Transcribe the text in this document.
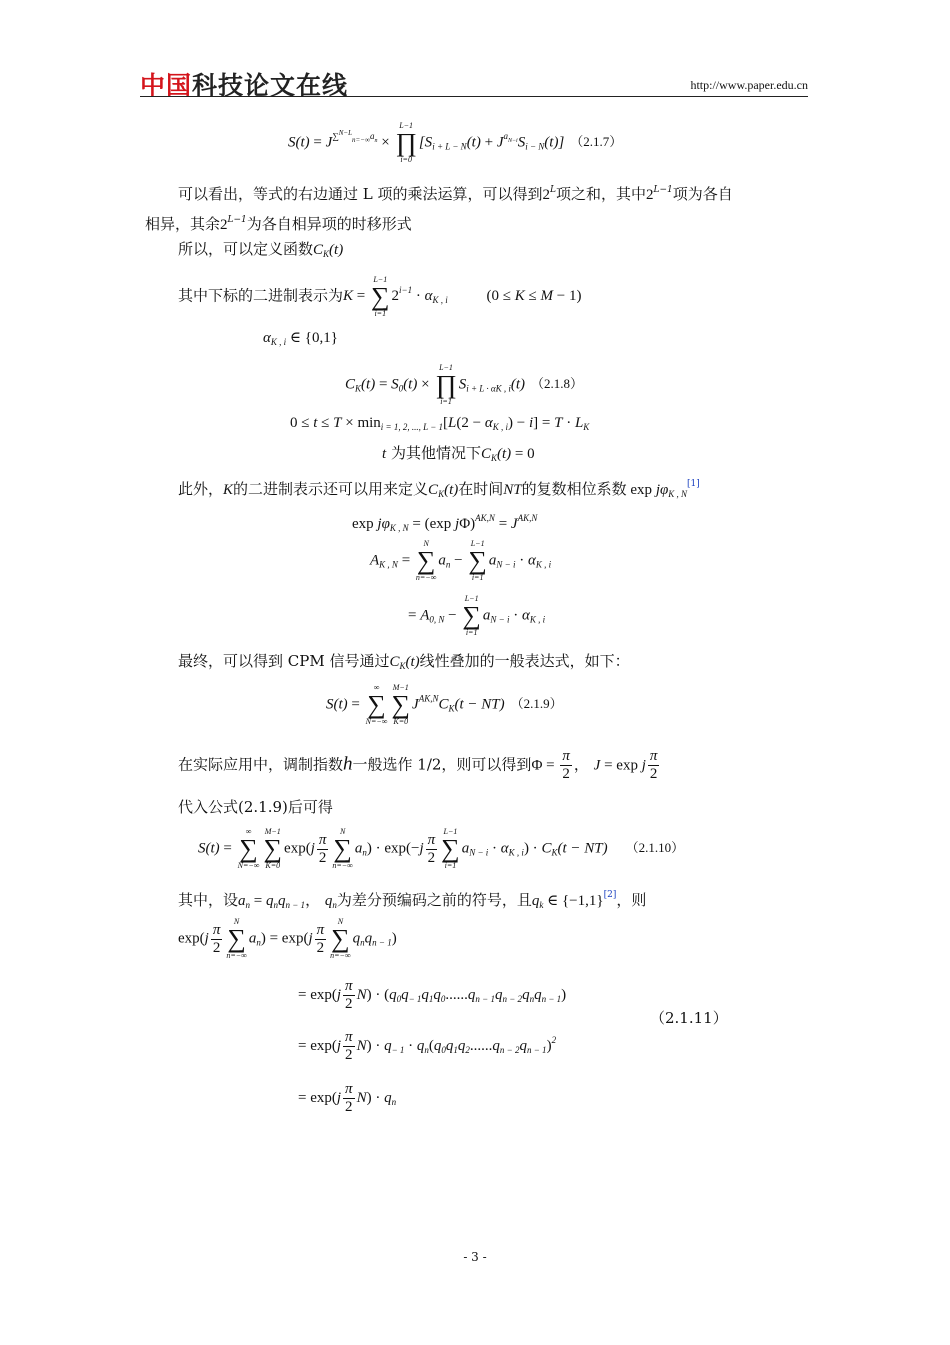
中国科技论文在线	http://www.paper.edu.cn
$S(t) = J^{\sum^{N-L}_{n=-\infty}a_n}$ ×
L−1
∏
i=0
$[S_{i + L - N}(t) + J^{a_{N-i}}S_{i - N}(t)]$ （2.1.7）
可以看出，等式的右边通过 L 项的乘法运算，可以得到$2^L$项之和，其中$2^{L-1}$项为各自
相异，其余$2^{L-1}$为各自相异项的时移形式
所以，可以定义函数$C_K(t)$
其中下标的二进制表示为K =
L−1
∑
i=1
$2^{i-1} \cdot \alpha_{K , i}$	(0 ≤ K ≤ M − 1)
$\alpha_{K , i}$ ∈ {0,1}
$C_K(t) = S_0(t)$ ×
L−1
∏
i=1
$S_{i + L \cdot \alpha K , i}(t)$ （2.1.8）
$0 \le t \le T \times \min_{i = 1, 2, ..., L - 1}[L(2 - \alpha_{K , i}) - i] = T \cdot L_K$
t 为其他情况下$C_K(t) = 0$
此外，K的二进制表示还可以用来定义$C_K(t)$在时间NT的复数相位系数 $\exp j\varphi_{K , N}[1]$
$\exp j\varphi_{K , N} = (\exp$ $j\Phi)^{AK,N} = J^{AK,N}$
$A_{K , N}$ =
N
∑
n=−∞
$a_n$ −
L−1
∑
i=1
$a_{N - i} \cdot \alpha_{K , i}$
= $A_{0, N}$ −
L−1
∑
i=1
$a_{N - i} \cdot \alpha_{K , i}$
最终，可以得到 CPM 信号通过$C_K(t)$线性叠加的一般表达式，如下：
S(t) =
∞
∑
N=−∞
M−1
∑
K=0
$J^{AK,N}C_K(t - NT)$ （2.1.9）
在实际应用中，调制指数h一般选作 1/2，则可以得到$\Phi = \frac{\pi}{2}$ ， J = exp j $\frac{\pi}{2}$
代入公式(2.1.9)后可得
S(t) =
∞
∑
N=−∞
M−1
∑
K=0
$\exp(j \frac{\pi}{2}$	N
∑
n=−∞
$a_n) \cdot \exp(-j \frac{\pi}{2} L-1$
∑
i=1
$a_{N - i} \cdot \alpha_{K , i}) \cdot C_K(t - NT)$ （2.1.10）
其中，设$a_n = q_nq_{n - 1}$， $q_n$为差分预编码之前的符号，且$q_k$ ∈ {−1,1}[2]，则
$\exp(j \frac{\pi}{2}$	N
∑
n=−∞
$a_n) = \exp(j \frac{\pi}{2}$	N
∑
n=−∞
$q_nq_{n - 1}$)
= $\exp(j \frac{\pi}{2} N) \cdot (q_0q_{- 1}q_1q_0......q_{n - 1}q_{n - 2}q_nq_{n - 1})$
（2.1.11）
= $\exp(j \frac{\pi}{2} N) \cdot q_{- 1} \cdot q_n(q_0q_1q_2......q_{n - 2}q_{n - 1})^2$
= $\exp(j \frac{\pi}{2} N) \cdot q_n$
- 3 -
